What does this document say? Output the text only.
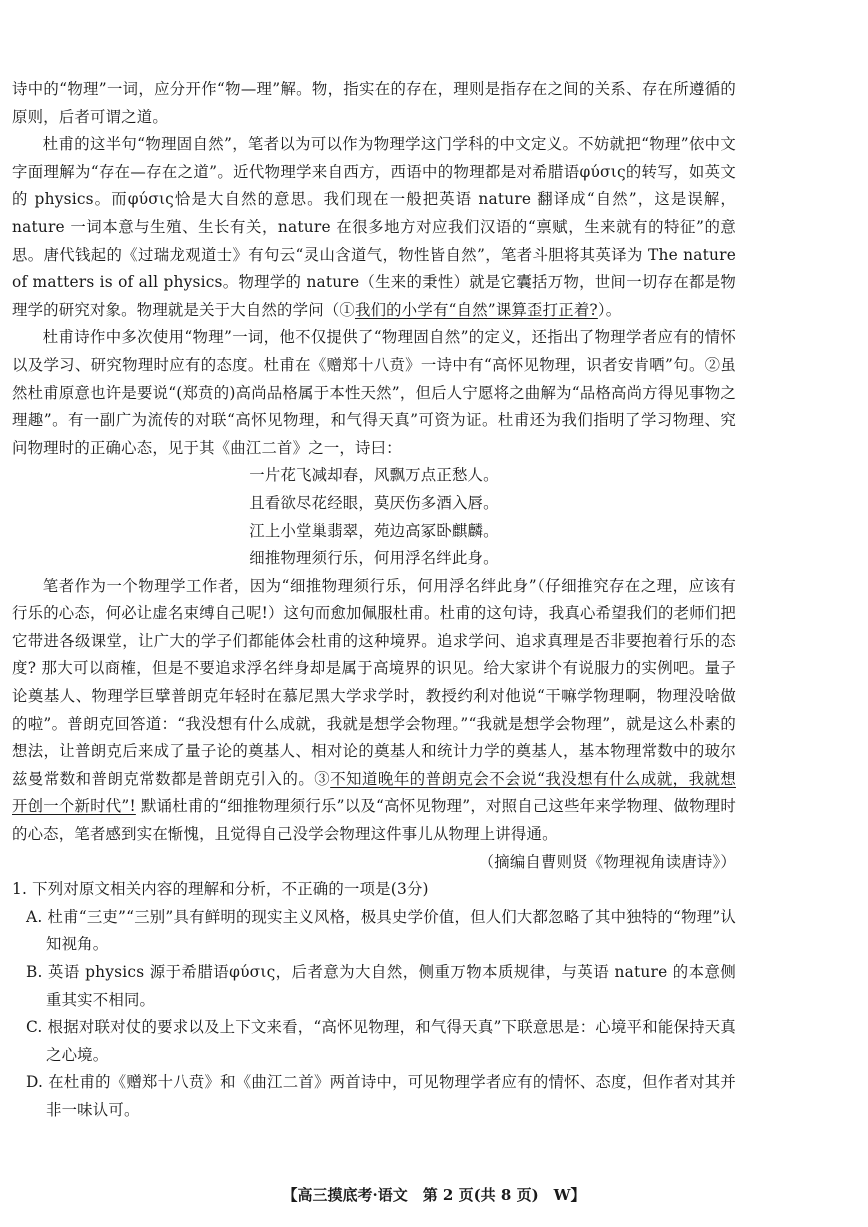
诗中的“物理”一词，应分开作“物—理”解。物，指实在的存在，理则是指存在之间的关系、存在所遵循的原则，后者可谓之道。

杜甫的这半句“物理固自然”，笔者以为可以作为物理学这门学科的中文定义。不妨就把“物理”依中文字面理解为“存在—存在之道”。近代物理学来自西方，西语中的物理都是对希腊语φύσις的转写，如英文的 physics。而φύσις恰是大自然的意思。我们现在一般把英语 nature 翻译成“自然”，这是误解，nature 一词本意与生殖、生长有关，nature 在很多地方对应我们汉语的“禀赋，生来就有的特征”的意思。唐代钱起的《过瑞龙观道士》有句云“灵山含道气，物性皆自然”，笔者斗胆将其英译为 The nature of matters is of all physics。物理学的 nature（生来的秉性）就是它囊括万物，世间一切存在都是物理学的研究对象。物理就是关于大自然的学问（①我们的小学有“自然”课算歪打正着?）。

杜甫诗作中多次使用“物理”一词，他不仅提供了“物理固自然”的定义，还指出了物理学者应有的情怀以及学习、研究物理时应有的态度。杜甫在《赠郑十八贲》一诗中有“高怀见物理，识者安肯哂”句。②虽然杜甫原意也许是要说“(郑贲的)高尚品格属于本性天然”，但后人宁愿将之曲解为“品格高尚方得见事物之理趣”。有一副广为流传的对联“高怀见物理，和气得天真”可资为证。杜甫还为我们指明了学习物理、究问物理时的正确心态，见于其《曲江二首》之一，诗曰：

一片花飞减却春，风飘万点正愁人。
且看欲尽花经眼，莫厌伤多酒入唇。
江上小堂巢翡翠，苑边高冢卧麒麟。
细推物理须行乐，何用浮名绊此身。

笔者作为一个物理学工作者，因为“细推物理须行乐，何用浮名绊此身”（仔细推究存在之理，应该有行乐的心态，何必让虚名束缚自己呢!）这句而愈加佩服杜甫。杜甫的这句诗，我真心希望我们的老师们把它带进各级课堂，让广大的学子们都能体会杜甫的这种境界。追求学问、追求真理是否非要抱着行乐的态度? 那大可以商榷，但是不要追求浮名绊身却是属于高境界的识见。给大家讲个有说服力的实例吧。量子论奠基人、物理学巨擘普朗克年轻时在慕尼黑大学求学时，教授约利对他说“干嘛学物理啊，物理没啥做的啦”。普朗克回答道：“我没想有什么成就，我就是想学会物理。”“我就是想学会物理”，就是这么朴素的想法，让普朗克后来成了量子论的奠基人、相对论的奠基人和统计力学的奠基人，基本物理常数中的玻尔兹曼常数和普朗克常数都是普朗克引入的。③不知道晚年的普朗克会不会说“我没想有什么成就，我就想开创一个新时代”! 默诵杜甫的“细推物理须行乐”以及“高怀见物理”，对照自己这些年来学物理、做物理时的心态，笔者感到实在惭愧，且觉得自己没学会物理这件事儿从物理上讲得通。

（摘编自曹则贤《物理视角读唐诗》）

1. 下列对原文相关内容的理解和分析，不正确的一项是(3分)

A. 杜甫“三吏”“三别”具有鲜明的现实主义风格，极具史学价值，但人们大都忽略了其中独特的“物理”认知视角。

B. 英语 physics 源于希腊语φύσις，后者意为大自然，侧重万物本质规律，与英语 nature 的本意侧重其实不相同。

C. 根据对联对仗的要求以及上下文来看，“高怀见物理，和气得天真”下联意思是：心境平和能保持天真之心境。

D. 在杜甫的《赠郑十八贲》和《曲江二首》两首诗中，可见物理学者应有的情怀、态度，但作者对其并非一味认可。

【高三摸底考·语文　第 2 页(共 8 页)　W】
